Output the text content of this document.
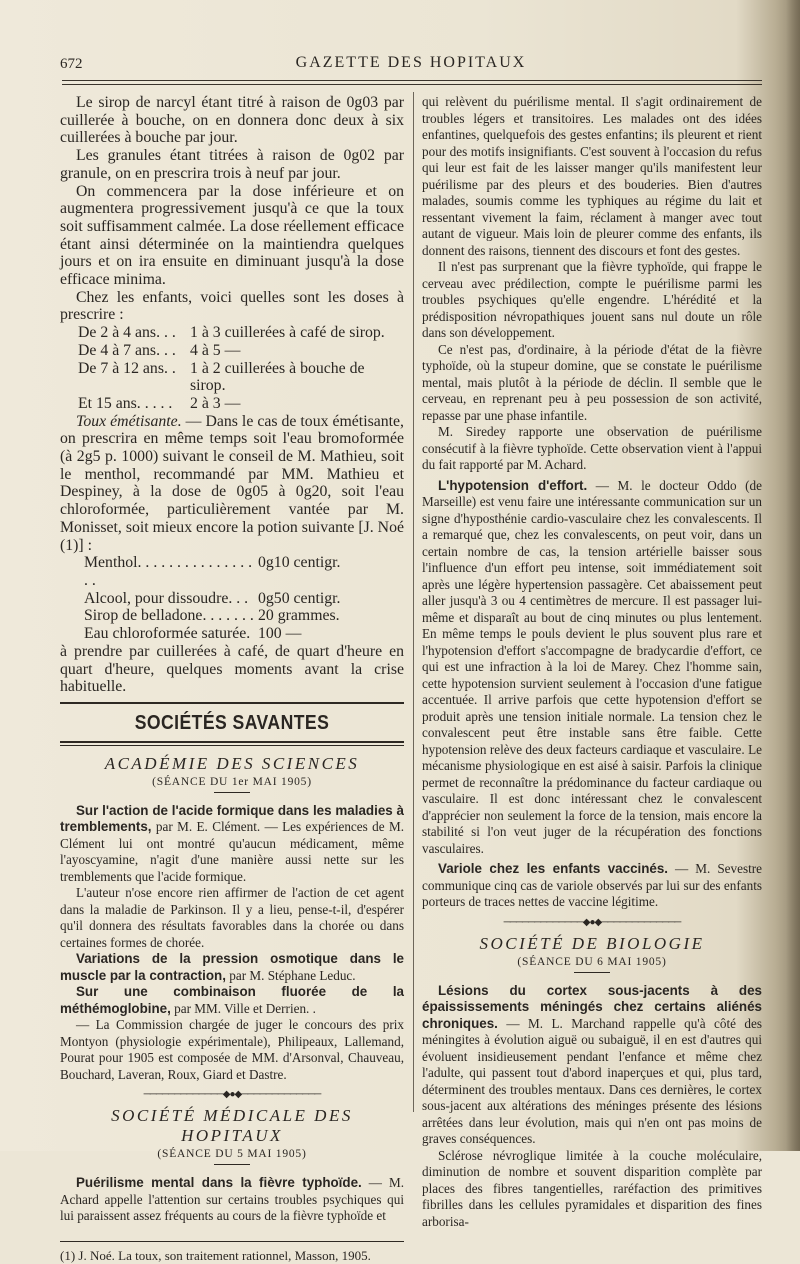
672	GAZETTE DES HOPITAUX

Le sirop de narcyl étant titré à raison de 0g03 par cuillerée à bouche, on en donnera donc deux à six cuillerées à bouche par jour.

Les granules étant titrées à raison de 0g02 par granule, on en prescrira trois à neuf par jour.

On commencera par la dose inférieure et on augmentera progressivement jusqu'à ce que la toux soit suffisamment calmée. La dose réellement efficace étant ainsi déterminée on la maintiendra quelques jours et on ira ensuite en diminuant jusqu'à la dose efficace minima.

Chez les enfants, voici quelles sont les doses à prescrire :

De 2 à 4 ans. . . 1 à 3 cuillerées à café de sirop.
De 4 à 7 ans. . . 4 à 5 —
De 7 à 12 ans. . 1 à 2 cuillerées à bouche de sirop.
Et 15 ans. . . . .	2 à 3 —

Toux émétisante. — Dans le cas de toux émétisante, on prescrira en même temps soit l'eau bromoformée (à 2g5 p. 1000) suivant le conseil de M. Mathieu, soit le menthol, recommandé par MM. Mathieu et Despiney, à la dose de 0g05 à 0g20, soit l'eau chloroformée, particulièrement vantée par M. Monisset, soit mieux encore la potion suivante [J. Noé (1)] :

Menthol. . . . . . . . . . . . . . . . .
0g10 centigr.
Alcool, pour dissoudre. . . 0g50 centigr.
Sirop de belladone. . . . . . . 20 grammes.
Eau chloroformée saturée. 100 —

à prendre par cuillerées à café, de quart d'heure en quart d'heure, quelques moments avant la crise habituelle.

SOCIÉTÉS SAVANTES
ACADÉMIE DES SCIENCES
(SÉANCE DU 1er MAI 1905)

Sur l'action de l'acide formique dans les maladies à tremblements, par M. E. Clément. — Les expériences de M. Clément lui ont montré qu'aucun médicament, même l'ayoscyamine, n'agit d'une manière aussi nette sur les tremblements que l'acide formique.

L'auteur n'ose encore rien affirmer de l'action de cet agent dans la maladie de Parkinson. Il y a lieu, pense-t-il, d'espérer qu'il donnera des résultats favorables dans la chorée ou dans certaines formes de chorée.

Variations de la pression osmotique dans le muscle par la contraction, par M. Stéphane Leduc.

Sur une combinaison fluorée de la méthémoglobine, par MM. Ville et Derrien. .

— La Commission chargée de juger le concours des prix Montyon (physiologie expérimentale), Philipeaux, Lallemand, Pourat pour 1905 est composée de MM. d'Arsonval, Chauveau, Bouchard, Laveran, Roux, Giard et Dastre.

─────────────◆●◆─────────────
SOCIÉTÉ MÉDICALE DES HOPITAUX
(SÉANCE DU 5 MAI 1905)

Puérilisme mental dans la fièvre typhoïde. — M. Achard appelle l'attention sur certains troubles psychiques qui lui paraissent assez fréquents au cours de la fièvre typhoïde et

(1) J. Noé. La toux, son traitement rationnel, Masson, 1905.

qui relèvent du puérilisme mental. Il s'agit ordinairement de troubles légers et transitoires. Les malades ont des idées enfantines, quelquefois des gestes enfantins; ils pleurent et rient pour des motifs insignifiants. C'est souvent à l'occasion du refus qui leur est fait de les laisser manger qu'ils manifestent leur puérilisme par des pleurs et des bouderies. Bien d'autres malades, soumis comme les typhiques au régime du lait et ressentant vivement la faim, réclament à manger avec tout autant de vigueur. Mais loin de pleurer comme des enfants, ils donnent des raisons, tiennent des discours et font des gestes.

Il n'est pas surprenant que la fièvre typhoïde, qui frappe le cerveau avec prédilection, compte le puérilisme parmi les troubles psychiques qu'elle engendre. L'hérédité et la prédisposition névropathiques jouent sans nul doute un rôle dans son développement.

Ce n'est pas, d'ordinaire, à la période d'état de la fièvre typhoïde, où la stupeur domine, que se constate le puérilisme mental, mais plutôt à la période de déclin. Il semble que le cerveau, en reprenant peu à peu possession de son activité, repasse par une phase infantile.

M. Siredey rapporte une observation de puérilisme consécutif à la fièvre typhoïde. Cette observation vient à l'appui du fait rapporté par M. Achard.

L'hypotension d'effort. — M. le docteur Oddo (de Marseille) est venu faire une intéressante communication sur un signe d'hyposthénie cardio-vasculaire chez les convalescents. Il a remarqué que, chez les convalescents, on peut voir, dans un certain nombre de cas, la tension artérielle baisser sous l'influence d'un effort peu intense, soit immédiatement soit après une légère hypertension passagère. Cet abaissement peut aller jusqu'à 3 ou 4 centimètres de mercure. Il est passager lui-même et disparaît au bout de cinq minutes ou plus lentement. En même temps le pouls devient le plus souvent plus rare et l'hypotension d'effort s'accompagne de bradycardie d'effort, ce qui est une infraction à la loi de Marey. Chez l'homme sain, cette hypotension survient seulement à l'occasion d'une fatigue accentuée. Il arrive parfois que cette hypotension d'effort se produit après une tension initiale normale. La tension chez le convalescent peut être instable sans être faible. Cette hypotension relève des deux facteurs cardiaque et vasculaire. Le mécanisme physiologique en est aisé à saisir. Parfois la clinique permet de reconnaître la prédominance du facteur cardiaque ou vasculaire. Il est donc intéressant chez le convalescent d'apprécier non seulement la force de la tension, mais encore la stabilité si l'on veut juger de la récupération des fonctions vasculaires.

Variole chez les enfants vaccinés. — M. Sevestre communique cinq cas de variole observés par lui sur des enfants porteurs de traces nettes de vaccine légitime.

─────────────◆●◆─────────────
SOCIÉTÉ DE BIOLOGIE
(SÉANCE DU 6 MAI 1905)

Lésions du cortex sous-jacents à des épaississements méningés chez certains aliénés chroniques. — M. L. Marchand rappelle qu'à côté des méningites à évolution aiguë ou subaiguë, il en est d'autres qui évoluent insidieusement pendant l'enfance et même chez l'adulte, qui passent tout d'abord inaperçues et qui, plus tard, déterminent des troubles mentaux. Dans ces dernières, le cortex sous-jacent aux altérations des méninges présente des lésions arrêtées dans leur évolution, mais qui n'en ont pas moins de graves conséquences.

Sclérose névroglique limitée à la couche moléculaire, diminution de nombre et souvent disparition complète par places des fibres tangentielles, raréfaction des primitives fibrilles dans les cellules pyramidales et disparition des fines arborisa-
